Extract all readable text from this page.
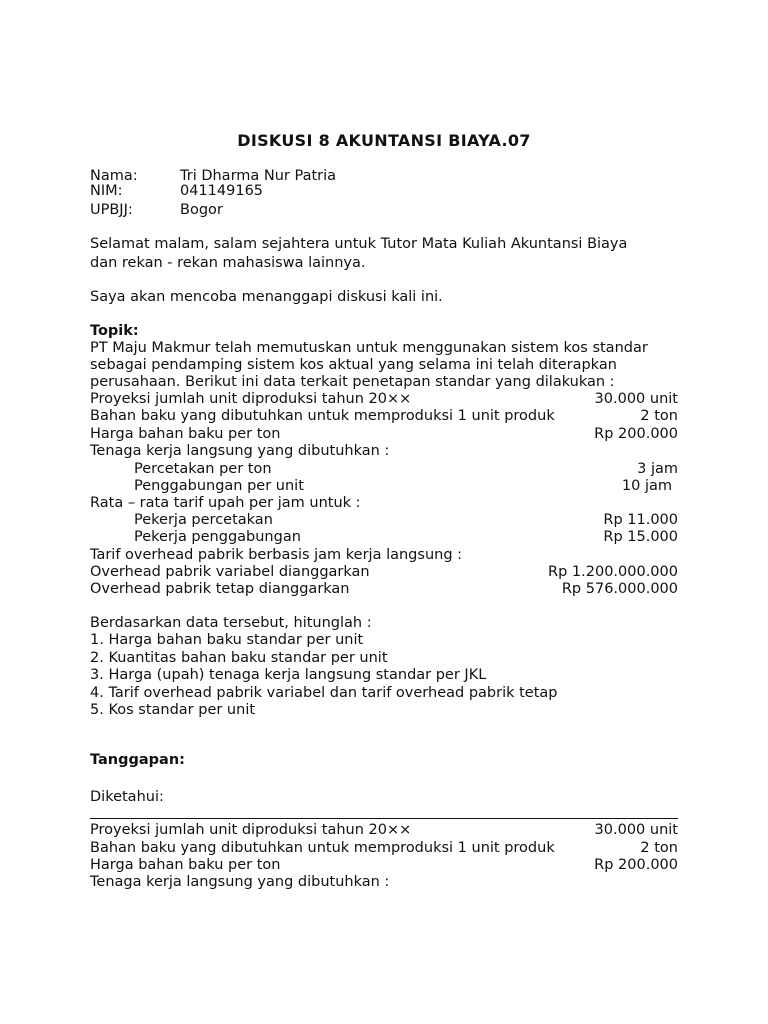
DISKUSI 8 AKUNTANSI BIAYA.07
Nama:	Tri Dharma Nur Patria
NIM:	041149165
UPBJJ:	Bogor
Selamat malam, salam sejahtera untuk Tutor Mata Kuliah Akuntansi Biaya
dan rekan - rekan mahasiswa lainnya.
Saya akan mencoba menanggapi diskusi kali ini.
Topik:
PT Maju Makmur telah memutuskan untuk menggunakan sistem kos standar
sebagai pendamping sistem kos aktual yang selama ini telah diterapkan
perusahaan. Berikut ini data terkait penetapan standar yang dilakukan :
Proyeksi jumlah unit diproduksi tahun 20××	30.000 unit
Bahan baku yang dibutuhkan untuk memproduksi 1 unit produk	2 ton
Harga bahan baku per ton	Rp 200.000
Tenaga kerja langsung yang dibutuhkan :
Percetakan per ton	3 jam
Penggabungan per unit	10 jam
Rata – rata tarif upah per jam untuk :
Pekerja percetakan	Rp 11.000
Pekerja penggabungan	Rp 15.000
Tarif overhead pabrik berbasis jam kerja langsung :
Overhead pabrik variabel dianggarkan	Rp 1.200.000.000
Overhead pabrik tetap dianggarkan	Rp 576.000.000
Berdasarkan data tersebut, hitunglah :
1. Harga bahan baku standar per unit
2. Kuantitas bahan baku standar per unit
3. Harga (upah) tenaga kerja langsung standar per JKL
4. Tarif overhead pabrik variabel dan tarif overhead pabrik tetap
5. Kos standar per unit
Tanggapan:
Diketahui:
Proyeksi jumlah unit diproduksi tahun 20××	30.000 unit
Bahan baku yang dibutuhkan untuk memproduksi 1 unit produk	2 ton
Harga bahan baku per ton	Rp 200.000
Tenaga kerja langsung yang dibutuhkan :
